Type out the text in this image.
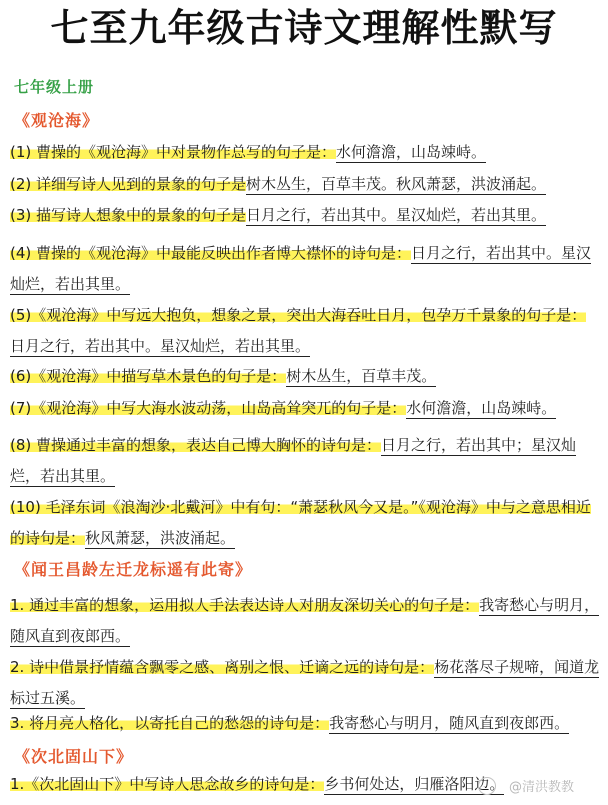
七至九年级古诗文理解性默写
七年级上册
《观沧海》
(1) 曹操的《观沧海》中对景物作总写的句子是：水何澹澹，山岛竦峙。
(2) 详细写诗人见到的景象的句子是树木丛生，百草丰茂。秋风萧瑟，洪波涌起。
(3) 描写诗人想象中的景象的句子是日月之行，若出其中。星汉灿烂，若出其里。
(4) 曹操的《观沧海》中最能反映出作者博大襟怀的诗句是：日月之行，若出其中。星汉灿烂，若出其里。
(5)《观沧海》中写远大抱负，想象之景，突出大海吞吐日月，包孕万千景象的句子是：日月之行，若出其中。星汉灿烂，若出其里。
(6)《观沧海》中描写草木景色的句子是：树木丛生，百草丰茂。
(7)《观沧海》中写大海水波动荡，山岛高耸突兀的句子是：水何澹澹，山岛竦峙。
(8) 曹操通过丰富的想象，表达自己博大胸怀的诗句是：日月之行，若出其中；星汉灿烂，若出其里。
(10) 毛泽东词《浪淘沙·北戴河》中有句：“萧瑟秋风今又是。”《观沧海》中与之意思相近的诗句是：秋风萧瑟，洪波涌起。
《闻王昌龄左迁龙标遥有此寄》
1. 通过丰富的想象，运用拟人手法表达诗人对朋友深切关心的句子是：我寄愁心与明月，随风直到夜郎西。
2. 诗中借景抒情蕴含飘零之感、离别之恨、迁谪之远的诗句是：杨花落尽子规啼，闻道龙标过五溪。
3. 将月亮人格化，以寄托自己的愁怨的诗句是：我寄愁心与明月，随风直到夜郎西。
《次北固山下》
1.《次北固山下》中写诗人思念故乡的诗句是：乡书何处达，归雁洛阳边。 @清洪教教
